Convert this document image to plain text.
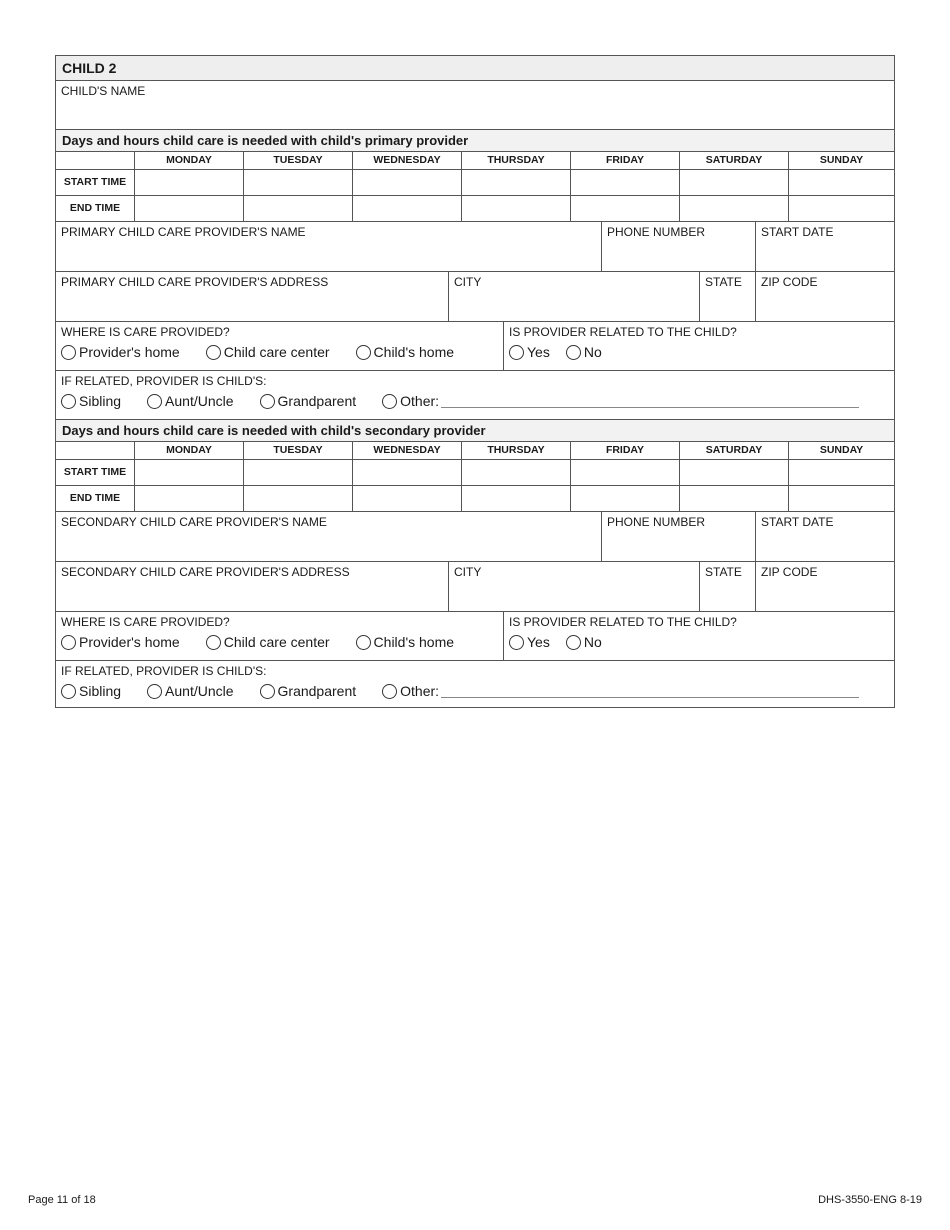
CHILD 2
CHILD'S NAME
Days and hours child care is needed with child's primary provider
MONDAY	TUESDAY	WEDNESDAY	THURSDAY	FRIDAY	SATURDAY	SUNDAY
START TIME
END TIME
PRIMARY CHILD CARE PROVIDER'S NAME	PHONE NUMBER	START DATE
PRIMARY CHILD CARE PROVIDER'S ADDRESS	CITY	STATE	ZIP CODE
WHERE IS CARE PROVIDED?
Provider's home	Child care center	Child's home
IS PROVIDER RELATED TO THE CHILD?
Yes No
IF RELATED, PROVIDER IS CHILD'S:
Sibling	Aunt/Uncle	Grandparent	Other:
Days and hours child care is needed with child's secondary provider
MONDAY	TUESDAY	WEDNESDAY	THURSDAY	FRIDAY	SATURDAY	SUNDAY
START TIME
END TIME
SECONDARY CHILD CARE PROVIDER'S NAME	PHONE NUMBER	START DATE
SECONDARY CHILD CARE PROVIDER'S ADDRESS	CITY	STATE	ZIP CODE
WHERE IS CARE PROVIDED?
Provider's home	Child care center	Child's home
IS PROVIDER RELATED TO THE CHILD?
Yes No
IF RELATED, PROVIDER IS CHILD'S:
Sibling	Aunt/Uncle	Grandparent	Other:
Page 11 of 18	DHS-3550-ENG 8-19
